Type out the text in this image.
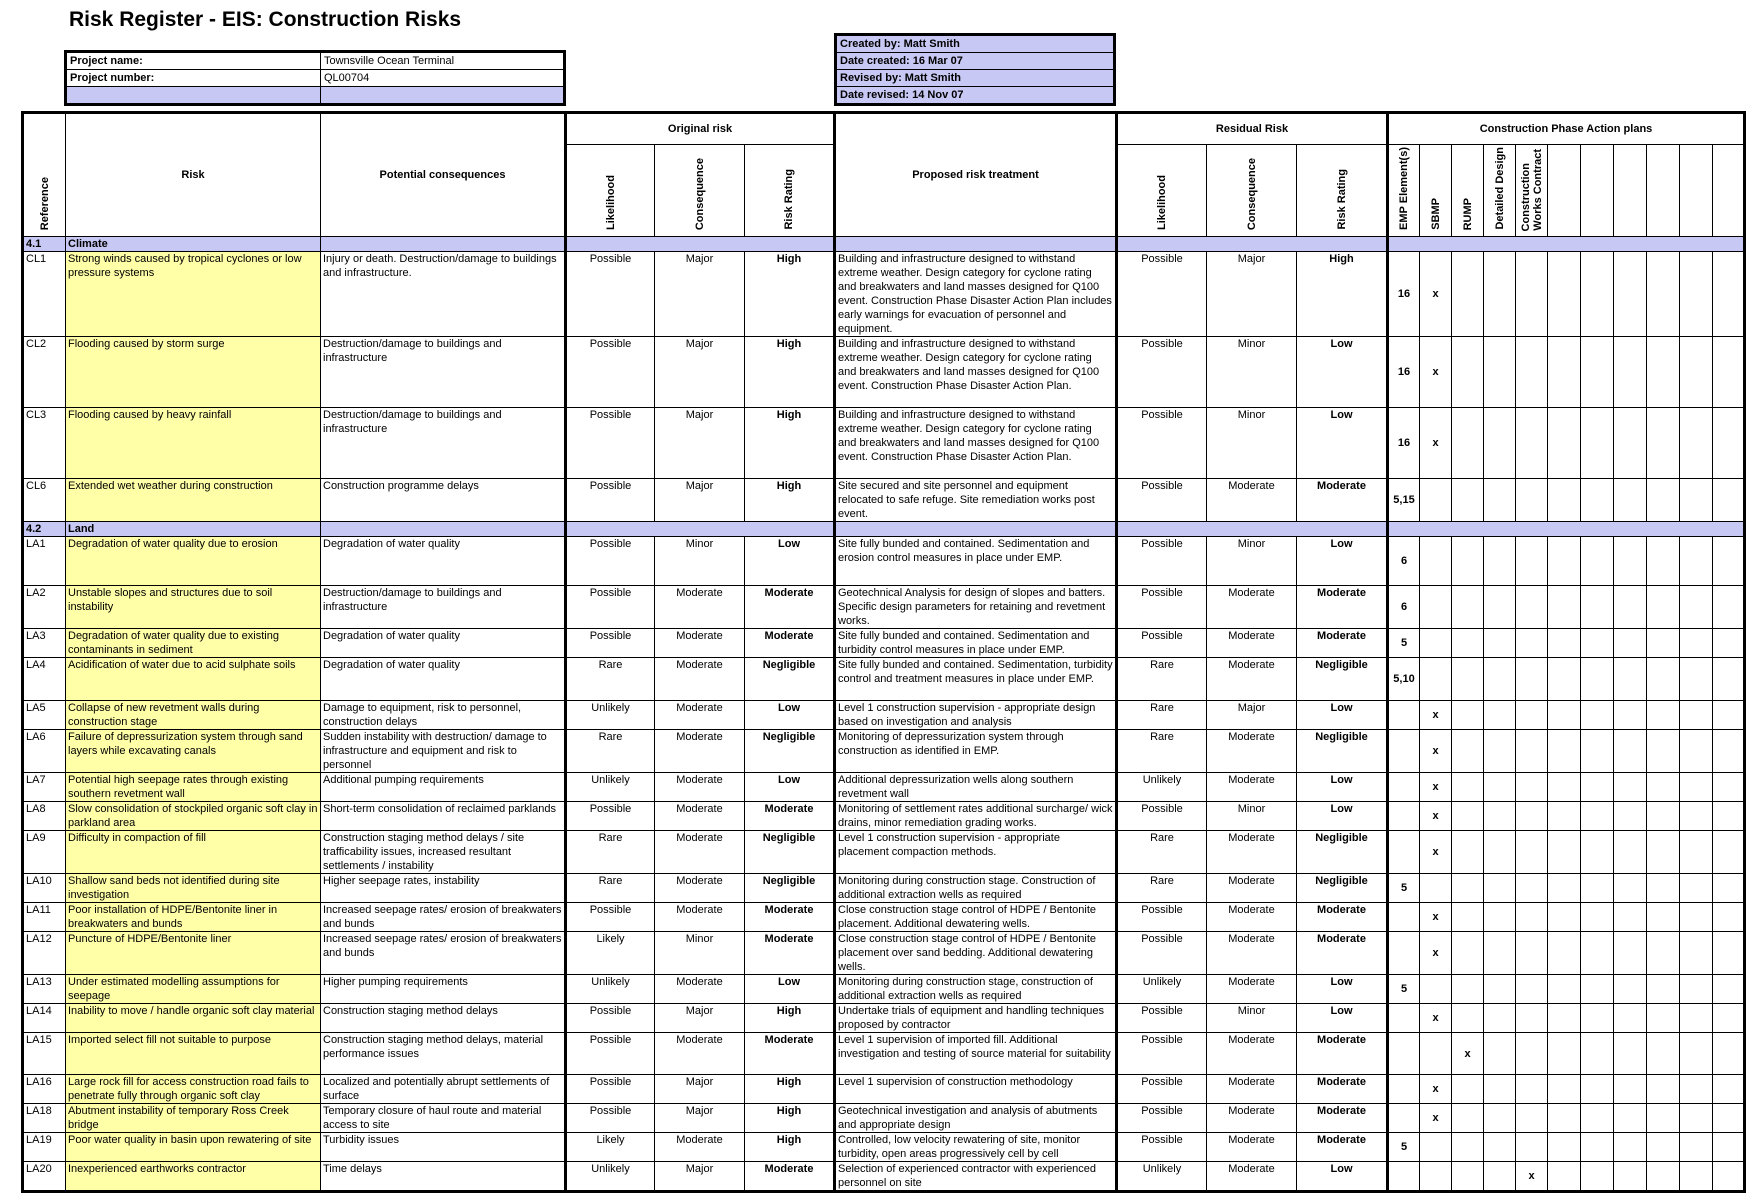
Risk Register - EIS: Construction Risks
Project name:	Townsville Ocean Terminal
Project number:	QL00704

Created by: Matt Smith
Date created: 16 Mar 07
Revised by: Matt Smith
Date revised: 14 Nov 07
Reference	Risk	Potential consequences	Original risk			Proposed risk treatment	Residual Risk			Construction Phase Action plans										
			Likelihood	Consequence	Risk Rating		Likelihood	Consequence	Risk Rating	EMP Element(s)	SBMP	RUMP	Detailed Design	ConstructionWorks Contract						
4.1	Climate																			
CL1	Strong winds caused by tropical cyclones or low pressure systems	Injury or death. Destruction/damage to buildings and infrastructure.	Possible	Major	High	Building and infrastructure designed to withstand extreme weather. Design category for cyclone rating and breakwaters and land masses designed for Q100 event. Construction Phase Disaster Action Plan includes early warnings for evacuation of personnel and equipment.	Possible	Major	High	16	x									
CL2	Flooding caused by storm surge	Destruction/damage to buildings and infrastructure	Possible	Major	High	Building and infrastructure designed to withstand extreme weather. Design category for cyclone rating and breakwaters and land masses designed for Q100 event. Construction Phase Disaster Action Plan.	Possible	Minor	Low	16	x									
CL3	Flooding caused by heavy rainfall	Destruction/damage to buildings and infrastructure	Possible	Major	High	Building and infrastructure designed to withstand extreme weather. Design category for cyclone rating and breakwaters and land masses designed for Q100 event. Construction Phase Disaster Action Plan.	Possible	Minor	Low	16	x									
CL6	Extended wet weather during construction	Construction programme delays	Possible	Major	High	Site secured and site personnel and equipment relocated to safe refuge. Site remediation works post event.	Possible	Moderate	Moderate	5,15										
4.2	Land																			
LA1	Degradation of water quality due to erosion	Degradation of water quality	Possible	Minor	Low	Site fully bunded and contained. Sedimentation and erosion control measures in place under EMP.	Possible	Minor	Low	6										
LA2	Unstable slopes and structures due to soil instability	Destruction/damage to buildings and infrastructure	Possible	Moderate	Moderate	Geotechnical Analysis for design of slopes and batters. Specific design parameters for retaining and revetment works.	Possible	Moderate	Moderate	6										
LA3	Degradation of water quality due to existing contaminants in sediment	Degradation of water quality	Possible	Moderate	Moderate	Site fully bunded and contained. Sedimentation and turbidity control measures in place under EMP.	Possible	Moderate	Moderate	5										
LA4	Acidification of water due to acid sulphate soils	Degradation of water quality	Rare	Moderate	Negligible	Site fully bunded and contained. Sedimentation, turbidity control and treatment measures in place under EMP.	Rare	Moderate	Negligible	5,10										
LA5	Collapse of new revetment walls during construction stage	Damage to equipment, risk to personnel, construction delays	Unlikely	Moderate	Low	Level 1 construction supervision - appropriate design based on investigation and analysis	Rare	Major	Low		x									
LA6	Failure of depressurization system through sand layers while excavating canals	Sudden instability with destruction/ damage to infrastructure and equipment and risk to personnel	Rare	Moderate	Negligible	Monitoring of depressurization system through construction as identified in EMP.	Rare	Moderate	Negligible		x									
LA7	Potential high seepage rates through existing southern revetment wall	Additional pumping requirements	Unlikely	Moderate	Low	Additional depressurization wells along southern revetment wall	Unlikely	Moderate	Low		x									
LA8	Slow consolidation of stockpiled organic soft clay in parkland area	Short-term consolidation of reclaimed parklands	Possible	Moderate	Moderate	Monitoring of settlement rates additional surcharge/ wick drains, minor remediation grading works.	Possible	Minor	Low		x									
LA9	Difficulty in compaction of fill	Construction staging method delays / site trafficability issues, increased resultant settlements / instability	Rare	Moderate	Negligible	Level 1 construction supervision - appropriate placement compaction methods.	Rare	Moderate	Negligible		x									
LA10	Shallow sand beds not identified during site investigation	Higher seepage rates, instability	Rare	Moderate	Negligible	Monitoring during construction stage. Construction of additional extraction wells as required	Rare	Moderate	Negligible	5										
LA11	Poor installation of HDPE/Bentonite liner in breakwaters and bunds	Increased seepage rates/ erosion of breakwaters and bunds	Possible	Moderate	Moderate	Close construction stage control of HDPE / Bentonite placement. Additional dewatering wells.	Possible	Moderate	Moderate		x									
LA12	Puncture of HDPE/Bentonite liner	Increased seepage rates/ erosion of breakwaters and bunds	Likely	Minor	Moderate	Close construction stage control of HDPE / Bentonite placement over sand bedding. Additional dewatering wells.	Possible	Moderate	Moderate		x									
LA13	Under estimated modelling assumptions for seepage	Higher pumping requirements	Unlikely	Moderate	Low	Monitoring during construction stage, construction of additional extraction wells as required	Unlikely	Moderate	Low	5										
LA14	Inability to move / handle organic soft clay material	Construction staging method delays	Possible	Major	High	Undertake trials of equipment and handling techniques proposed by contractor	Possible	Minor	Low		x									
LA15	Imported select fill not suitable to purpose	Construction staging method delays, material performance issues	Possible	Moderate	Moderate	Level 1 supervision of imported fill. Additional investigation and testing of source material for suitability	Possible	Moderate	Moderate			x								
LA16	Large rock fill for access construction road fails to penetrate fully through organic soft clay	Localized and potentially abrupt settlements of surface	Possible	Major	High	Level 1 supervision of construction methodology	Possible	Moderate	Moderate		x									
LA18	Abutment instability of temporary Ross Creek bridge	Temporary closure of haul route and material access to site	Possible	Major	High	Geotechnical investigation and analysis of abutments and appropriate design	Possible	Moderate	Moderate		x									
LA19	Poor water quality in basin upon rewatering of site	Turbidity issues	Likely	Moderate	High	Controlled, low velocity rewatering of site, monitor turbidity, open areas progressively cell by cell	Possible	Moderate	Moderate	5										
LA20	Inexperienced earthworks contractor	Time delays	Unlikely	Major	Moderate	Selection of experienced contractor with experienced personnel on site	Unlikely	Moderate	Low					x						
